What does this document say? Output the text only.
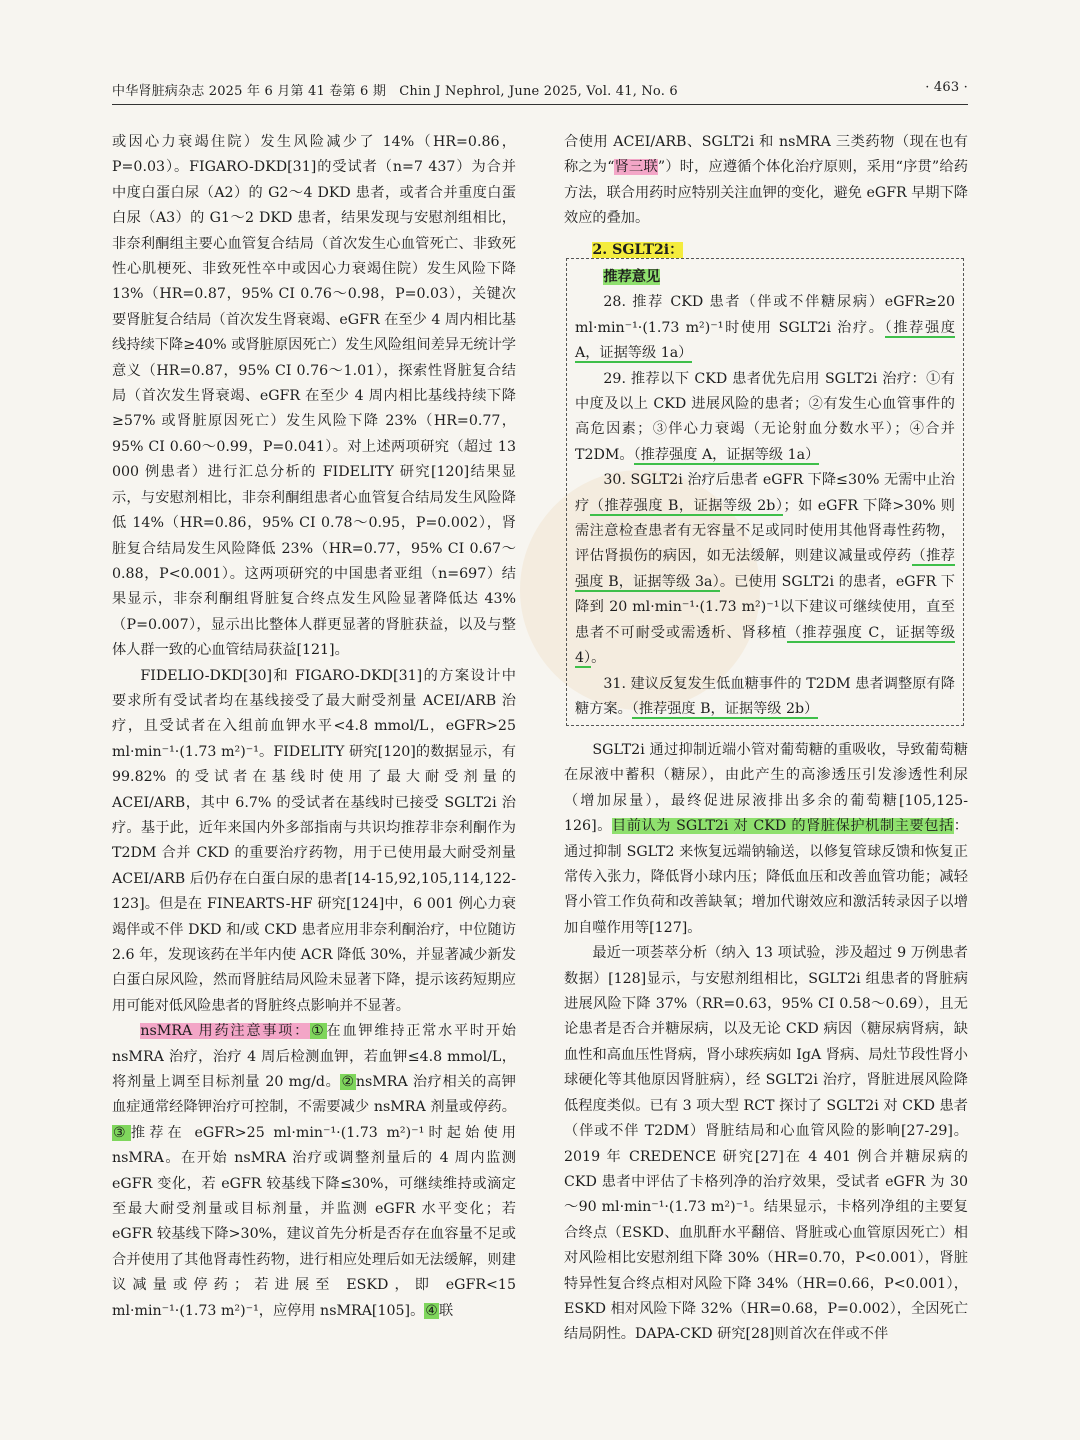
中华肾脏病杂志 2025 年 6 月第 41 卷第 6 期　Chin J Nephrol, June 2025, Vol. 41, No. 6	· 463 ·

或因心力衰竭住院）发生风险减少了 14%（HR=0.86，P=0.03）。FIGARO-DKD[31]的受试者（n=7 437）为合并中度白蛋白尿（A2）的 G2～4 DKD 患者，或者合并重度白蛋白尿（A3）的 G1～2 DKD 患者，结果发现与安慰剂组相比，非奈利酮组主要心血管复合结局（首次发生心血管死亡、非致死性心肌梗死、非致死性卒中或因心力衰竭住院）发生风险下降 13%（HR=0.87，95% CI 0.76～0.98，P=0.03），关键次要肾脏复合结局（首次发生肾衰竭、eGFR 在至少 4 周内相比基线持续下降≥40% 或肾脏原因死亡）发生风险组间差异无统计学意义（HR=0.87，95% CI 0.76～1.01），探索性肾脏复合结局（首次发生肾衰竭、eGFR 在至少 4 周内相比基线持续下降≥57% 或肾脏原因死亡）发生风险下降 23%（HR=0.77，95% CI 0.60～0.99，P=0.041）。对上述两项研究（超过 13 000 例患者）进行汇总分析的 FIDELITY 研究[120]结果显示，与安慰剂相比，非奈利酮组患者心血管复合结局发生风险降低 14%（HR=0.86，95% CI 0.78～0.95，P=0.002），肾脏复合结局发生风险降低 23%（HR=0.77，95% CI 0.67～0.88，P<0.001）。这两项研究的中国患者亚组（n=697）结果显示，非奈利酮组肾脏复合终点发生风险显著降低达 43%（P=0.007），显示出比整体人群更显著的肾脏获益，以及与整体人群一致的心血管结局获益[121]。

FIDELIO-DKD[30]和 FIGARO-DKD[31]的方案设计中要求所有受试者均在基线接受了最大耐受剂量 ACEI/ARB 治疗，且受试者在入组前血钾水平<4.8 mmol/L，eGFR>25 ml·min⁻¹·(1.73 m²)⁻¹。FIDELITY 研究[120]的数据显示，有 99.82% 的受试者在基线时使用了最大耐受剂量的 ACEI/ARB，其中 6.7% 的受试者在基线时已接受 SGLT2i 治疗。基于此，近年来国内外多部指南与共识均推荐非奈利酮作为 T2DM 合并 CKD 的重要治疗药物，用于已使用最大耐受剂量 ACEI/ARB 后仍存在白蛋白尿的患者[14-15,92,105,114,122-123]。但是在 FINEARTS-HF 研究[124]中，6 001 例心力衰竭伴或不伴 DKD 和/或 CKD 患者应用非奈利酮治疗，中位随访 2.6 年，发现该药在半年内使 ACR 降低 30%，并显著减少新发白蛋白尿风险，然而肾脏结局风险未显著下降，提示该药短期应用可能对低风险患者的肾脏终点影响并不显著。

nsMRA 用药注意事项：①在血钾维持正常水平时开始 nsMRA 治疗，治疗 4 周后检测血钾，若血钾≤4.8 mmol/L，将剂量上调至目标剂量 20 mg/d。②nsMRA 治疗相关的高钾血症通常经降钾治疗可控制，不需要减少 nsMRA 剂量或停药。③推荐在 eGFR>25 ml·min⁻¹·(1.73 m²)⁻¹时起始使用 nsMRA。在开始 nsMRA 治疗或调整剂量后的 4 周内监测 eGFR 变化，若 eGFR 较基线下降≤30%，可继续维持或滴定至最大耐受剂量或目标剂量，并监测 eGFR 水平变化；若 eGFR 较基线下降>30%，建议首先分析是否存在血容量不足或合并使用了其他肾毒性药物，进行相应处理后如无法缓解，则建议减量或停药；若进展至 ESKD，即 eGFR<15 ml·min⁻¹·(1.73 m²)⁻¹，应停用 nsMRA[105]。④联

合使用 ACEI/ARB、SGLT2i 和 nsMRA 三类药物（现在也有称之为“肾三联”）时，应遵循个体化治疗原则，采用“序贯”给药方法，联合用药时应特别关注血钾的变化，避免 eGFR 早期下降效应的叠加。

2. SGLT2i：

推荐意见

28. 推荐 CKD 患者（伴或不伴糖尿病）eGFR≥20 ml·min⁻¹·(1.73 m²)⁻¹时使用 SGLT2i 治疗。（推荐强度 A，证据等级 1a）

29. 推荐以下 CKD 患者优先启用 SGLT2i 治疗：①有中度及以上 CKD 进展风险的患者；②有发生心血管事件的高危因素；③伴心力衰竭（无论射血分数水平）；④合并 T2DM。（推荐强度 A，证据等级 1a）

30. SGLT2i 治疗后患者 eGFR 下降≤30% 无需中止治疗（推荐强度 B，证据等级 2b）；如 eGFR 下降>30% 则需注意检查患者有无容量不足或同时使用其他肾毒性药物，评估肾损伤的病因，如无法缓解，则建议减量或停药（推荐强度 B，证据等级 3a）。已使用 SGLT2i 的患者，eGFR 下降到 20 ml·min⁻¹·(1.73 m²)⁻¹以下建议可继续使用，直至患者不可耐受或需透析、肾移植（推荐强度 C，证据等级 4）。

31. 建议反复发生低血糖事件的 T2DM 患者调整原有降糖方案。（推荐强度 B，证据等级 2b）

SGLT2i 通过抑制近端小管对葡萄糖的重吸收，导致葡萄糖在尿液中蓄积（糖尿），由此产生的高渗透压引发渗透性利尿（增加尿量），最终促进尿液排出多余的葡萄糖[105,125-126]。目前认为 SGLT2i 对 CKD 的肾脏保护机制主要包括：通过抑制 SGLT2 来恢复远端钠输送，以修复管球反馈和恢复正常传入张力，降低肾小球内压；降低血压和改善血管功能；减轻肾小管工作负荷和改善缺氧；增加代谢效应和激活转录因子以增加自噬作用等[127]。

最近一项荟萃分析（纳入 13 项试验，涉及超过 9 万例患者数据）[128]显示，与安慰剂组相比，SGLT2i 组患者的肾脏病进展风险下降 37%（RR=0.63，95% CI 0.58～0.69），且无论患者是否合并糖尿病，以及无论 CKD 病因（糖尿病肾病，缺血性和高血压性肾病，肾小球疾病如 IgA 肾病、局灶节段性肾小球硬化等其他原因肾脏病），经 SGLT2i 治疗，肾脏进展风险降低程度类似。已有 3 项大型 RCT 探讨了 SGLT2i 对 CKD 患者（伴或不伴 T2DM）肾脏结局和心血管风险的影响[27-29]。2019 年 CREDENCE 研究[27]在 4 401 例合并糖尿病的 CKD 患者中评估了卡格列净的治疗效果，受试者 eGFR 为 30～90 ml·min⁻¹·(1.73 m²)⁻¹。结果显示，卡格列净组的主要复合终点（ESKD、血肌酐水平翻倍、肾脏或心血管原因死亡）相对风险相比安慰剂组下降 30%（HR=0.70，P<0.001），肾脏特异性复合终点相对风险下降 34%（HR=0.66，P<0.001），ESKD 相对风险下降 32%（HR=0.68，P=0.002），全因死亡结局阴性。DAPA-CKD 研究[28]则首次在伴或不伴
